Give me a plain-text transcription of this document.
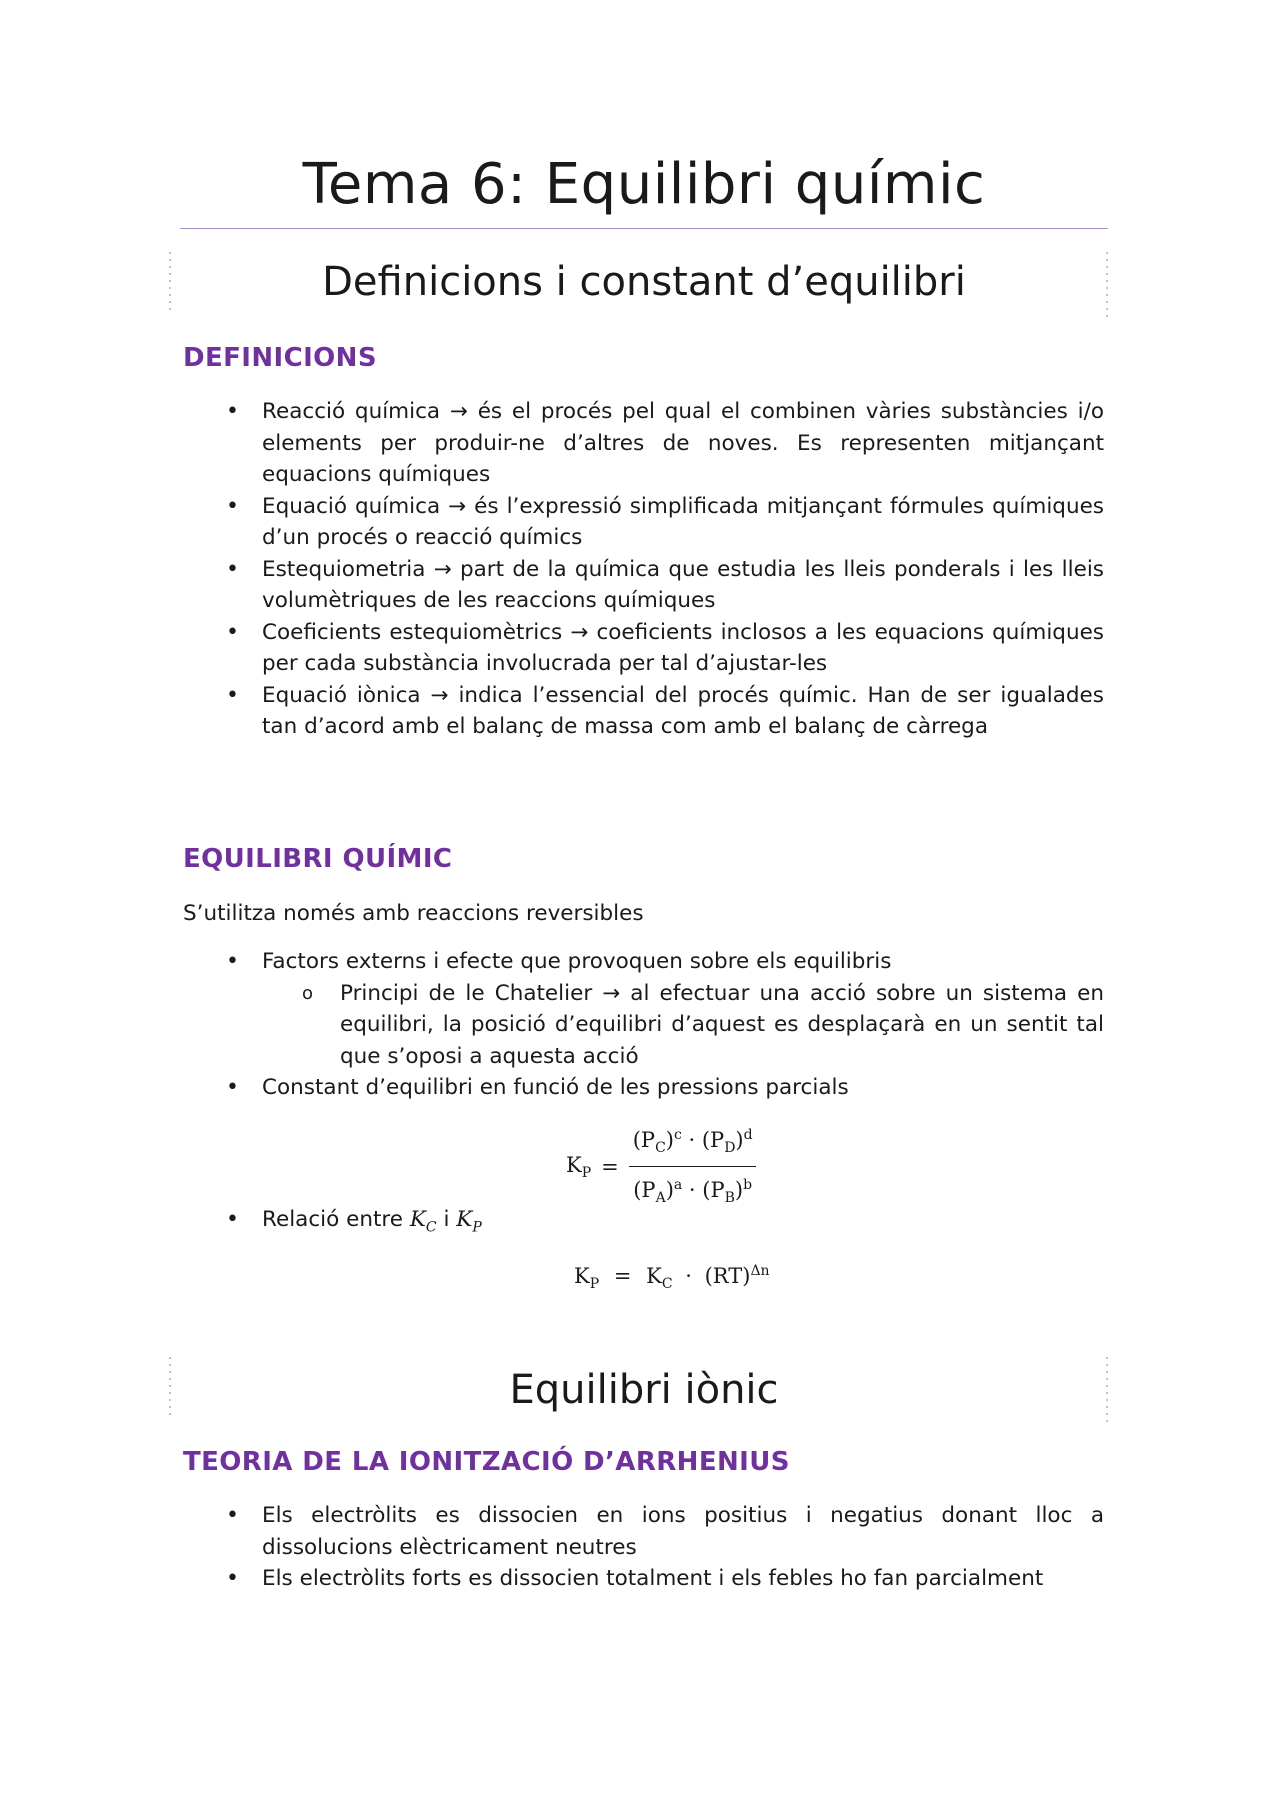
Tema 6: Equilibri químic
Definicions i constant d’equilibri
DEFINICIONS
• Reacció química → és el procés pel qual el combinen vàries substàncies i/o elements per produir-ne d’altres de noves. Es representen mitjançant equacions químiques
• Equació química → és l’expressió simplificada mitjançant fórmules químiques d’un procés o reacció químics
• Estequiometria → part de la química que estudia les lleis ponderals i les lleis volumètriques de les reaccions químiques
• Coeficients estequiomètrics → coeficients inclosos a les equacions químiques per cada substància involucrada per tal d’ajustar-les
• Equació iònica → indica l’essencial del procés químic. Han de ser igualades tan d’acord amb el balanç de massa com amb el balanç de càrrega
EQUILIBRI QUÍMIC

S’utilitza només amb reaccions reversibles

• Factors externs i efecte que provoquen sobre els equilibris
o Principi de le Chatelier → al efectuar una acció sobre un sistema en equilibri, la posició d’equilibri d’aquest es desplaçarà en un sentit tal que s’oposi a aquesta acció
• Constant d’equilibri en funció de les pressions parcials
$K_P = \frac{(P_C)^c \cdot (P_D)^d}{(P_A)^a \cdot (P_B)^b}$
• Relació entre $K_C$ i $K_P$
$K_P = K_C \cdot (RT)^{\Delta n}$
Equilibri iònic
TEORIA DE LA IONITZACIÓ D’ARRHENIUS
• Els electròlits es dissocien en ions positius i negatius donant lloc a dissolucions elèctricament neutres
• Els electròlits forts es dissocien totalment i els febles ho fan parcialment
